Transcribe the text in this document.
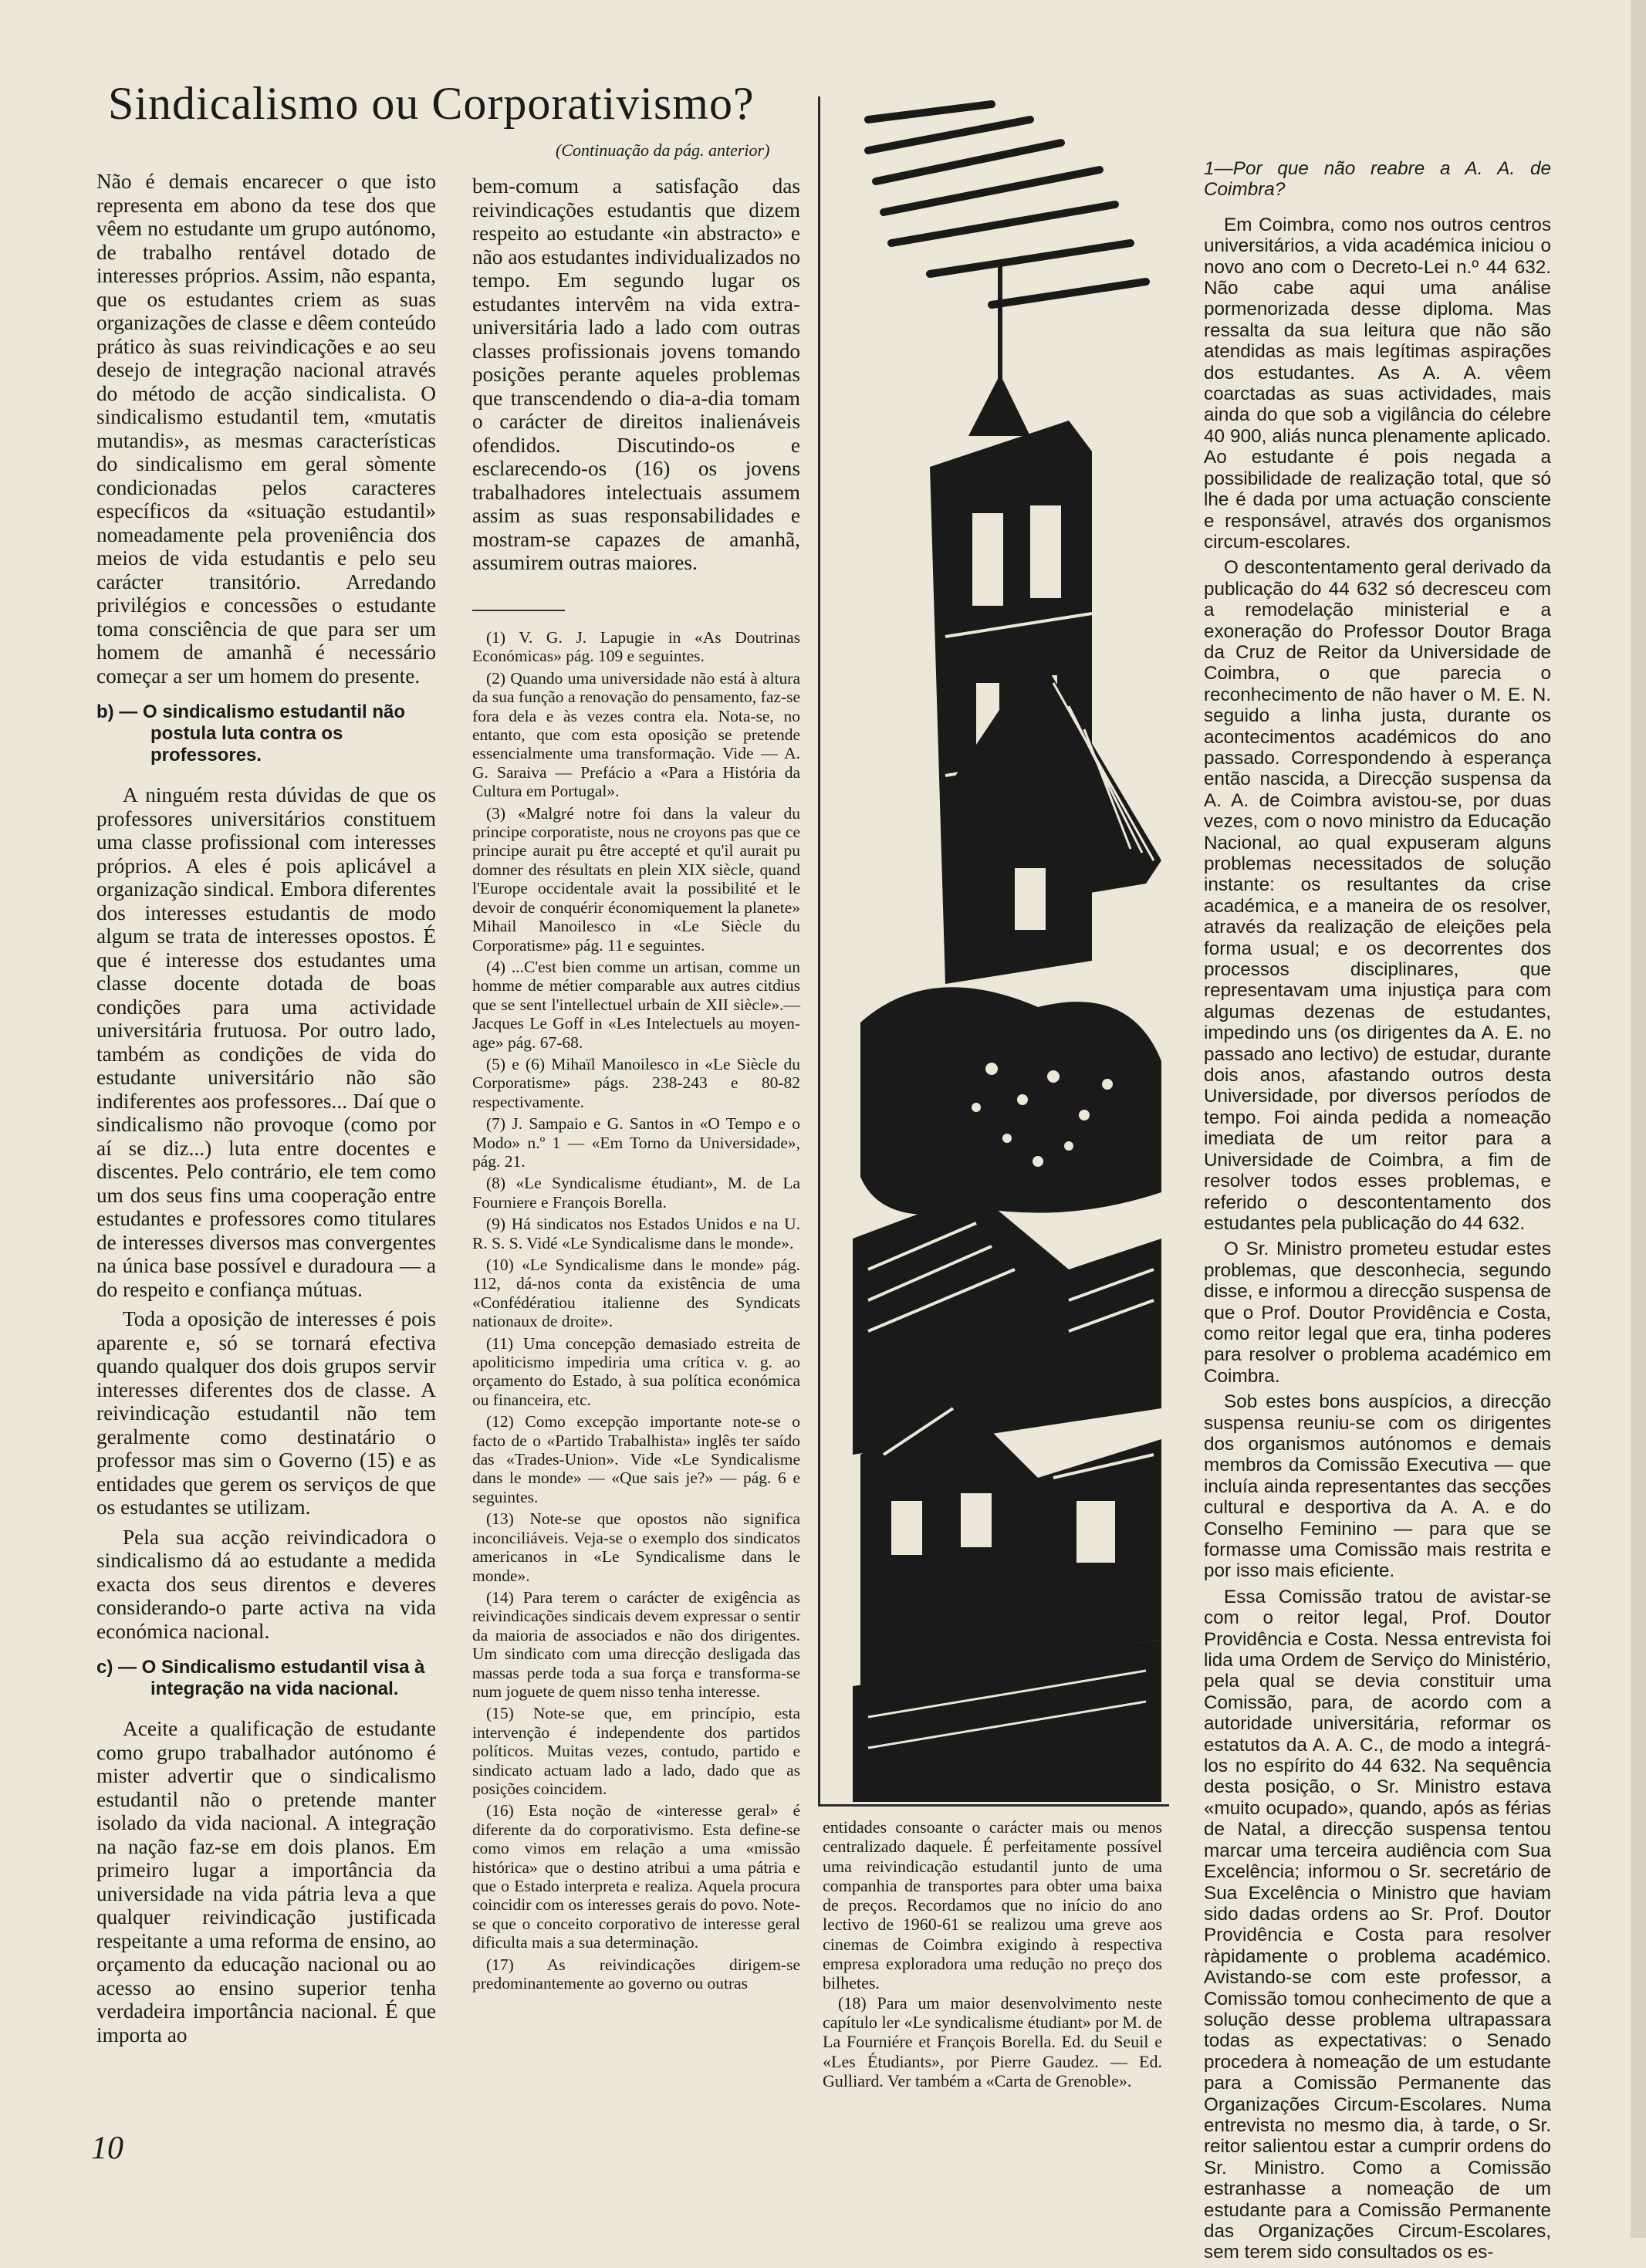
Sindicalismo ou Corporativismo?
(Continuação da pág. anterior)

Não é demais encarecer o que isto representa em abono da tese dos que vêem no estudante um grupo autónomo, de trabalho rentável dotado de interesses próprios. Assim, não espanta, que os estudantes criem as suas organizações de classe e dêem conteúdo prático às suas reivindicações e ao seu desejo de integração nacional através do método de acção sindicalista. O sindicalismo estudantil tem, «mutatis mutandis», as mesmas características do sindicalismo em geral sòmente condicionadas pelos caracteres específicos da «situação estudantil» nomeadamente pela proveniência dos meios de vida estudantis e pelo seu carácter transitório. Arredando privilégios e concessões o estudante toma consciência de que para ser um homem de amanhã é necessário começar a ser um homem do presente.

b) — O sindicalismo estudantil não postula luta contra os professores.

A ninguém resta dúvidas de que os professores universitários constituem uma classe profissional com interesses próprios. A eles é pois aplicável a organização sindical. Embora diferentes dos interesses estudantis de modo algum se trata de interesses opostos. É que é interesse dos estudantes uma classe docente dotada de boas condições para uma actividade universitária frutuosa. Por outro lado, também as condições de vida do estudante universitário não são indiferentes aos professores... Daí que o sindicalismo não provoque (como por aí se diz...) luta entre docentes e discentes. Pelo contrário, ele tem como um dos seus fins uma cooperação entre estudantes e professores como titulares de interesses diversos mas convergentes na única base possível e duradoura — a do respeito e confiança mútuas.

Toda a oposição de interesses é pois aparente e, só se tornará efectiva quando qualquer dos dois grupos servir interesses diferentes dos de classe. A reivindicação estudantil não tem geralmente como destinatário o professor mas sim o Governo (15) e as entidades que gerem os serviços de que os estudantes se utilizam.

Pela sua acção reivindicadora o sindicalismo dá ao estudante a medida exacta dos seus direntos e deveres considerando-o parte activa na vida económica nacional.

c) — O Sindicalismo estudantil visa à integração na vida nacional.

Aceite a qualificação de estudante como grupo trabalhador autónomo é mister advertir que o sindicalismo estudantil não o pretende manter isolado da vida nacional. A integração na nação faz-se em dois planos. Em primeiro lugar a importância da universidade na vida pátria leva a que qualquer reivindicação justificada respeitante a uma reforma de ensino, ao orçamento da educação nacional ou ao acesso ao ensino superior tenha verdadeira importância nacional. É que importa ao

bem-comum a satisfação das reivindicações estudantis que dizem respeito ao estudante «in abstracto» e não aos estudantes individualizados no tempo. Em segundo lugar os estudantes intervêm na vida extra-universitária lado a lado com outras classes profissionais jovens tomando posições perante aqueles problemas que transcendendo o dia-a-dia tomam o carácter de direitos inalienáveis ofendidos. Discutindo-os e esclarecendo-os (16) os jovens trabalhadores intelectuais assumem assim as suas responsabilidades e mostram-se capazes de amanhã, assumirem outras maiores.

(1) V. G. J. Lapugie in «As Doutrinas Económicas» pág. 109 e seguintes.

(2) Quando uma universidade não está à altura da sua função a renovação do pensamento, faz-se fora dela e às vezes contra ela. Nota-se, no entanto, que com esta oposição se pretende essencialmente uma transformação. Vide — A. G. Saraiva — Prefácio a «Para a História da Cultura em Portugal».

(3) «Malgré notre foi dans la valeur du principe corporatiste, nous ne croyons pas que ce principe aurait pu être accepté et qu'il aurait pu domner des résultats en plein XIX siècle, quand l'Europe occidentale avait la possibilité et le devoir de conquérir économiquement la planete» Mihail Manoilesco in «Le Siècle du Corporatisme» pág. 11 e seguintes.

(4) ...C'est bien comme un artisan, comme un homme de métier comparable aux autres citdius que se sent l'intellectuel urbain de XII siècle».—Jacques Le Goff in «Les Intelectuels au moyen-age» pág. 67-68.

(5) e (6) Mihaïl Manoilesco in «Le Siècle du Corporatisme» págs. 238-243 e 80-82 respectivamente.

(7) J. Sampaio e G. Santos in «O Tempo e o Modo» n.º 1 — «Em Torno da Universidade», pág. 21.

(8) «Le Syndicalisme étudiant», M. de La Fourniere e François Borella.

(9) Há sindicatos nos Estados Unidos e na U. R. S. S. Vidé «Le Syndicalisme dans le monde».

(10) «Le Syndicalisme dans le monde» pág. 112, dá-nos conta da existência de uma «Confédératiou italienne des Syndicats nationaux de droite».

(11) Uma concepção demasiado estreita de apoliticismo impediria uma crítica v. g. ao orçamento do Estado, à sua política económica ou financeira, etc.

(12) Como excepção importante note-se o facto de o «Partido Trabalhista» inglês ter saído das «Trades-Union». Vide «Le Syndicalisme dans le monde» — «Que sais je?» — pág. 6 e seguintes.

(13) Note-se que opostos não significa inconciliáveis. Veja-se o exemplo dos sindicatos americanos in «Le Syndicalisme dans le monde».

(14) Para terem o carácter de exigência as reivindicações sindicais devem expressar o sentir da maioria de associados e não dos dirigentes. Um sindicato com uma direcção desligada das massas perde toda a sua força e transforma-se num joguete de quem nisso tenha interesse.

(15) Note-se que, em princípio, esta intervenção é independente dos partidos políticos. Muitas vezes, contudo, partido e sindicato actuam lado a lado, dado que as posições coincidem.

(16) Esta noção de «interesse geral» é diferente da do corporativismo. Esta define-se como vimos em relação a uma «missão histórica» que o destino atribui a uma pátria e que o Estado interpreta e realiza. Aquela procura coincidir com os interesses gerais do povo. Note-se que o conceito corporativo de interesse geral dificulta mais a sua determinação.

(17) As reivindicações dirigem-se predominantemente ao governo ou outras

entidades consoante o carácter mais ou menos centralizado daquele. É perfeitamente possível uma reivindicação estudantil junto de uma companhia de transportes para obter uma baixa de preços. Recordamos que no início do ano lectivo de 1960-61 se realizou uma greve aos cinemas de Coimbra exigindo à respectiva empresa exploradora uma redução no preço dos bilhetes.

(18) Para um maior desenvolvimento neste capítulo ler «Le syndicalisme étudiant» por M. de La Fourniére et François Borella. Ed. du Seuil e «Les Étudiants», por Pierre Gaudez. — Ed. Gulliard. Ver também a «Carta de Grenoble».

1—Por que não reabre a A. A. de Coimbra?

Em Coimbra, como nos outros centros universitários, a vida académica iniciou o novo ano com o Decreto-Lei n.º 44 632. Não cabe aqui uma análise pormenorizada desse diploma. Mas ressalta da sua leitura que não são atendidas as mais legítimas aspirações dos estudantes. As A. A. vêem coarctadas as suas actividades, mais ainda do que sob a vigilância do célebre 40 900, aliás nunca plenamente aplicado. Ao estudante é pois negada a possibilidade de realização total, que só lhe é dada por uma actuação consciente e responsável, através dos organismos circum-escolares.

O descontentamento geral derivado da publicação do 44 632 só decresceu com a remodelação ministerial e a exoneração do Professor Doutor Braga da Cruz de Reitor da Universidade de Coimbra, o que parecia o reconhecimento de não haver o M. E. N. seguido a linha justa, durante os acontecimentos académicos do ano passado. Correspondendo à esperança então nascida, a Direcção suspensa da A. A. de Coimbra avistou-se, por duas vezes, com o novo ministro da Educação Nacional, ao qual expuseram alguns problemas necessitados de solução instante: os resultantes da crise académica, e a maneira de os resolver, através da realização de eleições pela forma usual; e os decorrentes dos processos disciplinares, que representavam uma injustiça para com algumas dezenas de estudantes, impedindo uns (os dirigentes da A. E. no passado ano lectivo) de estudar, durante dois anos, afastando outros desta Universidade, por diversos períodos de tempo. Foi ainda pedida a nomeação imediata de um reitor para a Universidade de Coimbra, a fim de resolver todos esses problemas, e referido o descontentamento dos estudantes pela publicação do 44 632.

O Sr. Ministro prometeu estudar estes problemas, que desconhecia, segundo disse, e informou a direcção suspensa de que o Prof. Doutor Providência e Costa, como reitor legal que era, tinha poderes para resolver o problema académico em Coimbra.

Sob estes bons auspícios, a direcção suspensa reuniu-se com os dirigentes dos organismos autónomos e demais membros da Comissão Executiva — que incluía ainda representantes das secções cultural e desportiva da A. A. e do Conselho Feminino — para que se formasse uma Comissão mais restrita e por isso mais eficiente.

Essa Comissão tratou de avistar-se com o reitor legal, Prof. Doutor Providência e Costa. Nessa entrevista foi lida uma Ordem de Serviço do Ministério, pela qual se devia constituir uma Comissão, para, de acordo com a autoridade universitária, reformar os estatutos da A. A. C., de modo a integrá-los no espírito do 44 632. Na sequência desta posição, o Sr. Ministro estava «muito ocupado», quando, após as férias de Natal, a direcção suspensa tentou marcar uma terceira audiência com Sua Excelência; informou o Sr. secretário de Sua Excelência o Ministro que haviam sido dadas ordens ao Sr. Prof. Doutor Providência e Costa para resolver ràpidamente o problema académico. Avistando-se com este professor, a Comissão tomou conhecimento de que a solução desse problema ultrapassara todas as expectativas: o Senado procedera à nomeação de um estudante para a Comissão Permanente das Organizações Circum-Escolares. Numa entrevista no mesmo dia, à tarde, o Sr. reitor salientou estar a cumprir ordens do Sr. Ministro. Como a Comissão estranhasse a nomeação de um estudante para a Comissão Permanente das Organizações Circum-Escolares, sem terem sido consultados os es-

10
